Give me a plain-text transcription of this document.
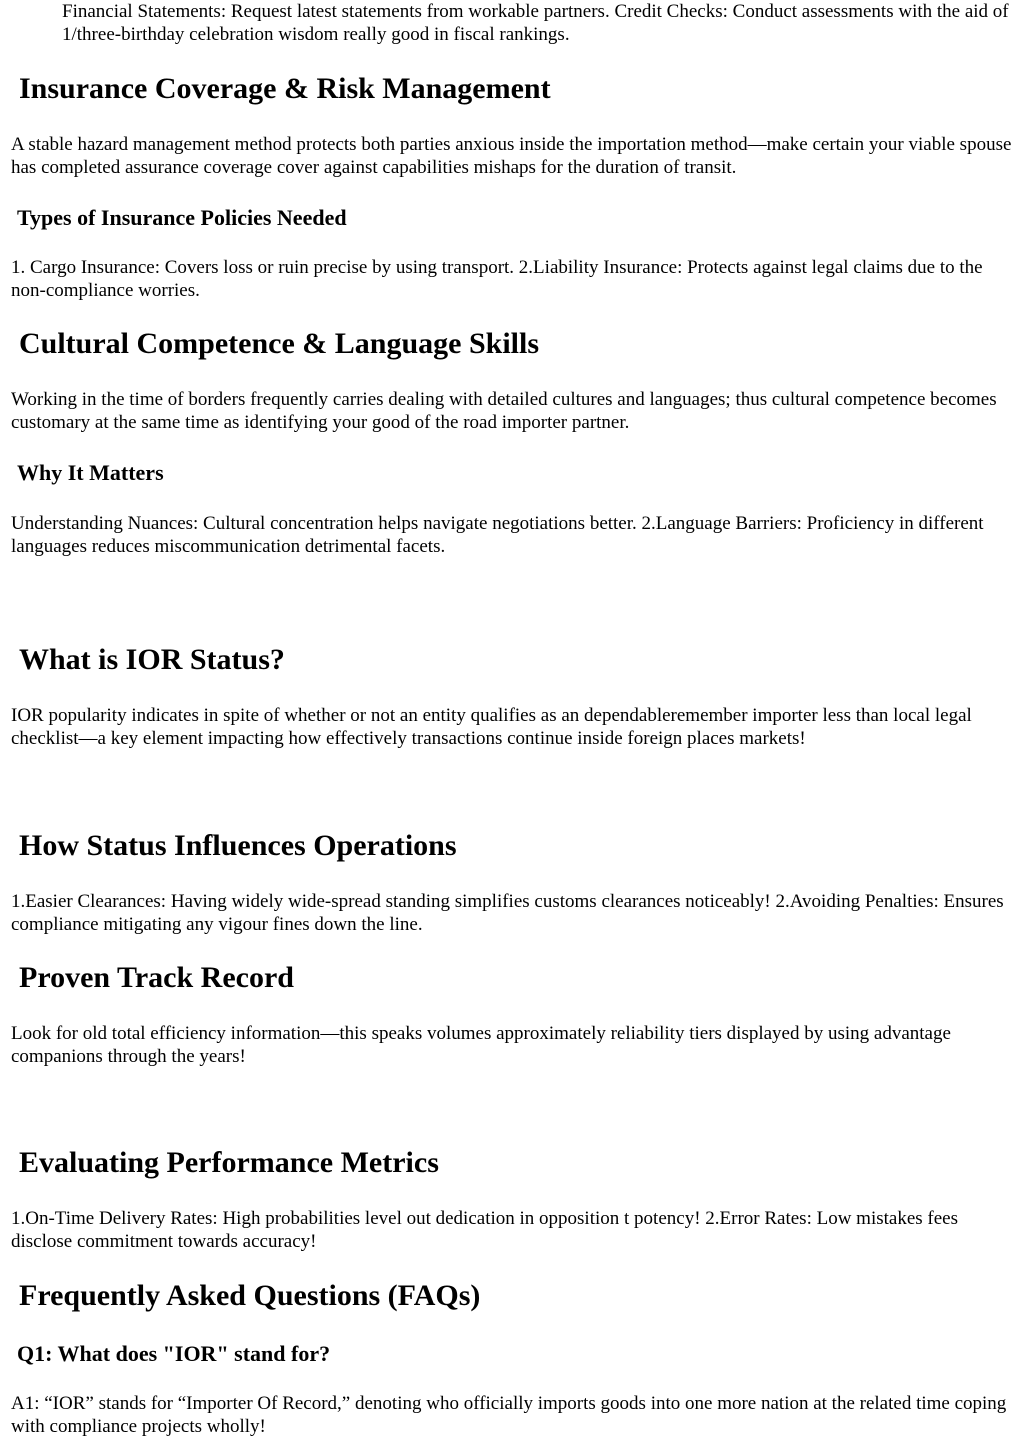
Financial Statements: Request latest statements from workable partners. Credit Checks: Conduct assessments with the aid of 1/three-birthday celebration wisdom really good in fiscal rankings.

Insurance Coverage & Risk Management

A stable hazard management method protects both parties anxious inside the importation method—make certain your viable spouse has completed assurance coverage cover against capabilities mishaps for the duration of transit.

Types of Insurance Policies Needed

1. Cargo Insurance: Covers loss or ruin precise by using transport. 2.Liability Insurance: Protects against legal claims due to the non-compliance worries.

Cultural Competence & Language Skills

Working in the time of borders frequently carries dealing with detailed cultures and languages; thus cultural competence becomes customary at the same time as identifying your good of the road importer partner.

Why It Matters

Understanding Nuances: Cultural concentration helps navigate negotiations better. 2.Language Barriers: Proficiency in different languages reduces miscommunication detrimental facets.

What is IOR Status?

IOR popularity indicates in spite of whether or not an entity qualifies as an dependableremember importer less than local legal checklist—a key element impacting how effectively transactions continue inside foreign places markets!

How Status Influences Operations

1.Easier Clearances: Having widely wide-spread standing simplifies customs clearances noticeably! 2.Avoiding Penalties: Ensures compliance mitigating any vigour fines down the line.

Proven Track Record

Look for old total efficiency information—this speaks volumes approximately reliability tiers displayed by using advantage companions through the years!

Evaluating Performance Metrics

1.On-Time Delivery Rates: High probabilities level out dedication in opposition t potency! 2.Error Rates: Low mistakes fees disclose commitment towards accuracy!

Frequently Asked Questions (FAQs)
Q1: What does "IOR" stand for?

A1: “IOR” stands for “Importer Of Record,” denoting who officially imports goods into one more nation at the related time coping with compliance projects wholly!
